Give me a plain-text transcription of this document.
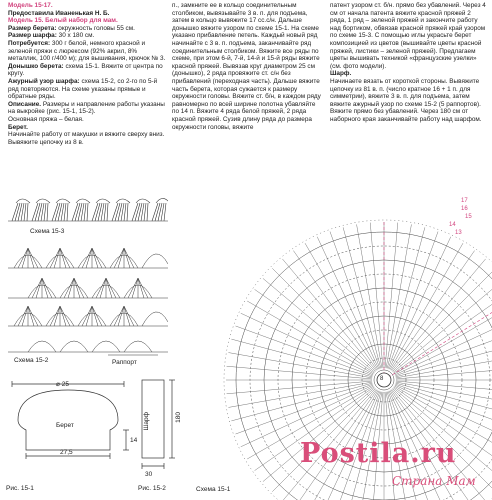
Модель 15-17.

Предоставила Иваненькая Н. Б.

Модель 15. Белый набор для мам.

Размер берета: окружность головы 55 см.

Размер шарфа: 30 х 180 см.

Потребуется: 300 г белой, немного красной и зеленой пряжи с люрексом (92% акрил, 8% металлик, 100 г/400 м); для вышивания, крючок № 3.

Донышко берета: схема 15-1. Вяжите от центра по кругу.

Ажурный узор шарфа: схема 15-2, со 2-го по 5-й ряд повторяются. На схеме указаны прямые и обратные ряды.

Описание. Размеры и направление работы указаны на выкройке (рис. 15-1, 15-2).

Основная пряжа – белая.

Берет.

Начинайте работу от макушки и вяжите сверху вниз. Вывяжите цепочку из 8 в.

п., замкните ее в кольцо соединительным столбиком, вывязывайте 3 в. п. для подъема, затем в кольцо вывяжите 17 сс.с/н. Дальше донышко вяжите узором по схеме 15-1. На схеме указано прибавление петель. Каждый новый ряд начинайте с 3 в. п. подъема, заканчивайте ряд соединительным столбиком. Вяжите все ряды по схеме, при этом 6-й, 7-й, 14-й и 15-й ряды вяжите красной пряжей. Вывязав круг диаметром 25 см (донышко), 2 ряда провяжите ст. с/н без прибавлений (переходная часть). Дальше вяжите часть берета, которая сужается к размеру окружности головы. Вяжите ст. б/н, в каждом ряду равномерно по всей ширине полотна убавляйте по 14 п. Вяжите 4 ряда белой пряжей, 2 ряда красной пряжей. Сузив длину ряда до размера окружности головы, вяжите

патент узором ст. б/н. прямо без убавлений. Через 4 см от начала патента вяжите красной пряжей 2 ряда, 1 ряд – зеленой пряжей и закончите работу над бортиком, обвязав красной пряжей край узором по схеме 15-3. С помощью иглы украсьте берет композицией из цветов (вышивайте цветы красной пряжей, листики – зеленой пряжей). Предлагаем цветы вышивать техникой «французские узелки» (см. фото модели).

Шарф.

Начинаете вязать от короткой стороны. Вывяжите цепочку из 81 в. п. (число кратное 16 + 1 п. для симметрии), вяжите 3 в. п. для подъема, затем вяжите ажурный узор по схеме 15-2 (5 раппортов). Вяжите прямо без убавлений. Через 180 см от наборного края заканчивайте работу над шарфом.

Схема 15-3
Схема 15-2	Раппорт
⌀ 25
Берет
27,5
14
Рис. 15-1
Шарф	180
30
Рис. 15-2
8
17
16
15
14
13
Схема 15-1
Postila.ru
Страна Мам
